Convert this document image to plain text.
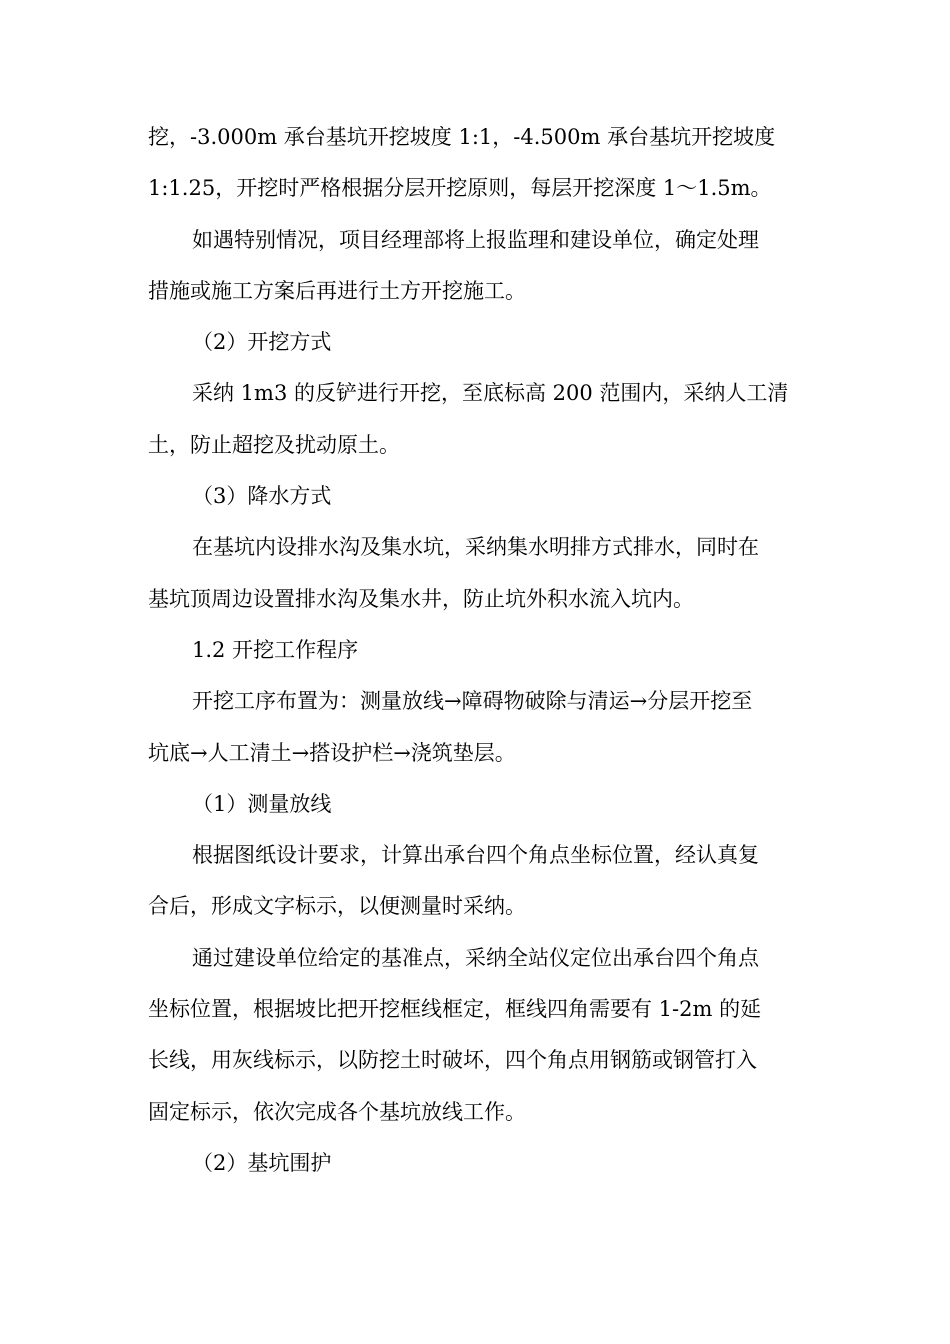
挖，-3.000m 承台基坑开挖坡度 1:1，-4.500m 承台基坑开挖坡度
1:1.25，开挖时严格根据分层开挖原则，每层开挖深度 1～1.5m。
如遇特别情况，项目经理部将上报监理和建设单位，确定处理
措施或施工方案后再进行土方开挖施工。
（2）开挖方式
采纳 1m3 的反铲进行开挖，至底标高 200 范围内，采纳人工清
土，防止超挖及扰动原土。
（3）降水方式
在基坑内设排水沟及集水坑，采纳集水明排方式排水，同时在
基坑顶周边设置排水沟及集水井，防止坑外积水流入坑内。
1.2 开挖工作程序
开挖工序布置为：测量放线→障碍物破除与清运→分层开挖至
坑底→人工清土→搭设护栏→浇筑垫层。
（1）测量放线
根据图纸设计要求，计算出承台四个角点坐标位置，经认真复
合后，形成文字标示，以便测量时采纳。
通过建设单位给定的基准点，采纳全站仪定位出承台四个角点
坐标位置，根据坡比把开挖框线框定，框线四角需要有 1-2m 的延
长线，用灰线标示，以防挖土时破坏，四个角点用钢筋或钢管打入
固定标示，依次完成各个基坑放线工作。
（2）基坑围护
